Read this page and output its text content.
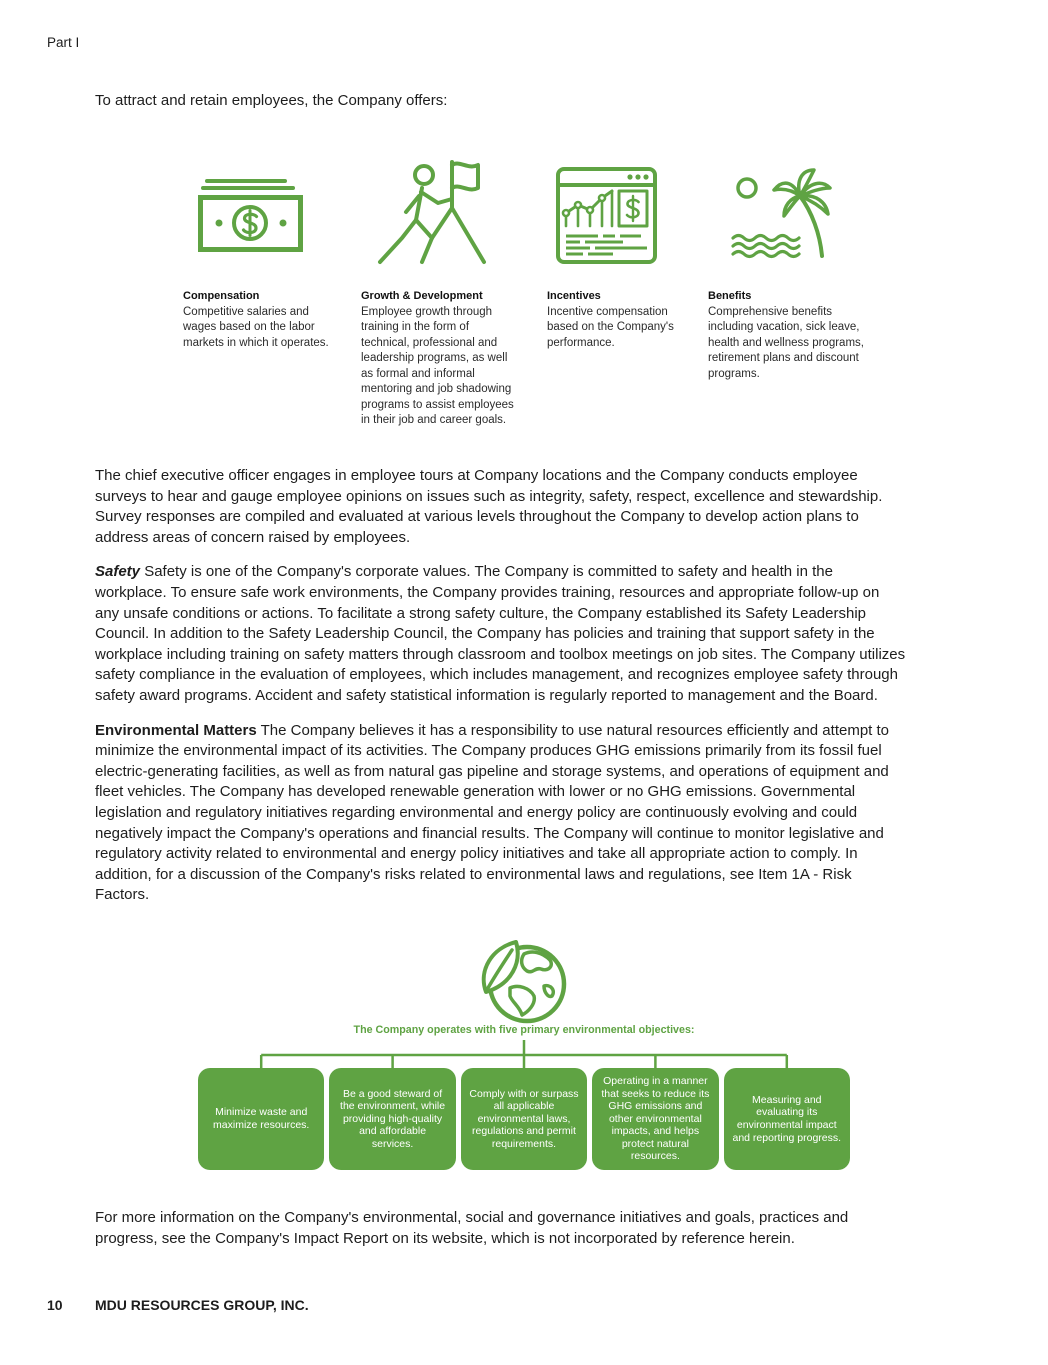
Part I
To attract and retain employees, the Company offers:
Compensation
Competitive salaries and
wages based on the labor
markets in which it operates.
Growth & Development
Employee growth through
training in the form of
technical, professional and
leadership programs, as well
as formal and informal
mentoring and job shadowing
programs to assist employees
in their job and career goals.
Incentives
Incentive compensation
based on the Company's
performance.
Benefits
Comprehensive benefits
including vacation, sick leave,
health and wellness programs,
retirement plans and discount
programs.
The chief executive officer engages in employee tours at Company locations and the Company conducts employee
surveys to hear and gauge employee opinions on issues such as integrity, safety, respect, excellence and stewardship.
Survey responses are compiled and evaluated at various levels throughout the Company to develop action plans to
address areas of concern raised by employees.
Safety Safety is one of the Company's corporate values. The Company is committed to safety and health in the
workplace. To ensure safe work environments, the Company provides training, resources and appropriate follow-up on
any unsafe conditions or actions. To facilitate a strong safety culture, the Company established its Safety Leadership
Council. In addition to the Safety Leadership Council, the Company has policies and training that support safety in the
workplace including training on safety matters through classroom and toolbox meetings on job sites. The Company utilizes
safety compliance in the evaluation of employees, which includes management, and recognizes employee safety through
safety award programs. Accident and safety statistical information is regularly reported to management and the Board.
Environmental Matters The Company believes it has a responsibility to use natural resources efficiently and attempt to
minimize the environmental impact of its activities. The Company produces GHG emissions primarily from its fossil fuel
electric-generating facilities, as well as from natural gas pipeline and storage systems, and operations of equipment and
fleet vehicles. The Company has developed renewable generation with lower or no GHG emissions. Governmental
legislation and regulatory initiatives regarding environmental and energy policy are continuously evolving and could
negatively impact the Company's operations and financial results. The Company will continue to monitor legislative and
regulatory activity related to environmental and energy policy initiatives and take all appropriate action to comply. In
addition, for a discussion of the Company's risks related to environmental laws and regulations, see Item 1A - Risk
Factors.
The Company operates with five primary environmental objectives:
Minimize waste and
maximize resources.
Be a good steward of
the environment, while
providing high-quality
and affordable
services.
Comply with or surpass
all applicable
environmental laws,
regulations and permit
requirements.
Operating in a manner
that seeks to reduce its
GHG emissions and
other environmental
impacts, and helps
protect natural
resources.
Measuring and
evaluating its
environmental impact
and reporting progress.
For more information on the Company's environmental, social and governance initiatives and goals, practices and
progress, see the Company's Impact Report on its website, which is not incorporated by reference herein.
10 MDU RESOURCES GROUP, INC.
